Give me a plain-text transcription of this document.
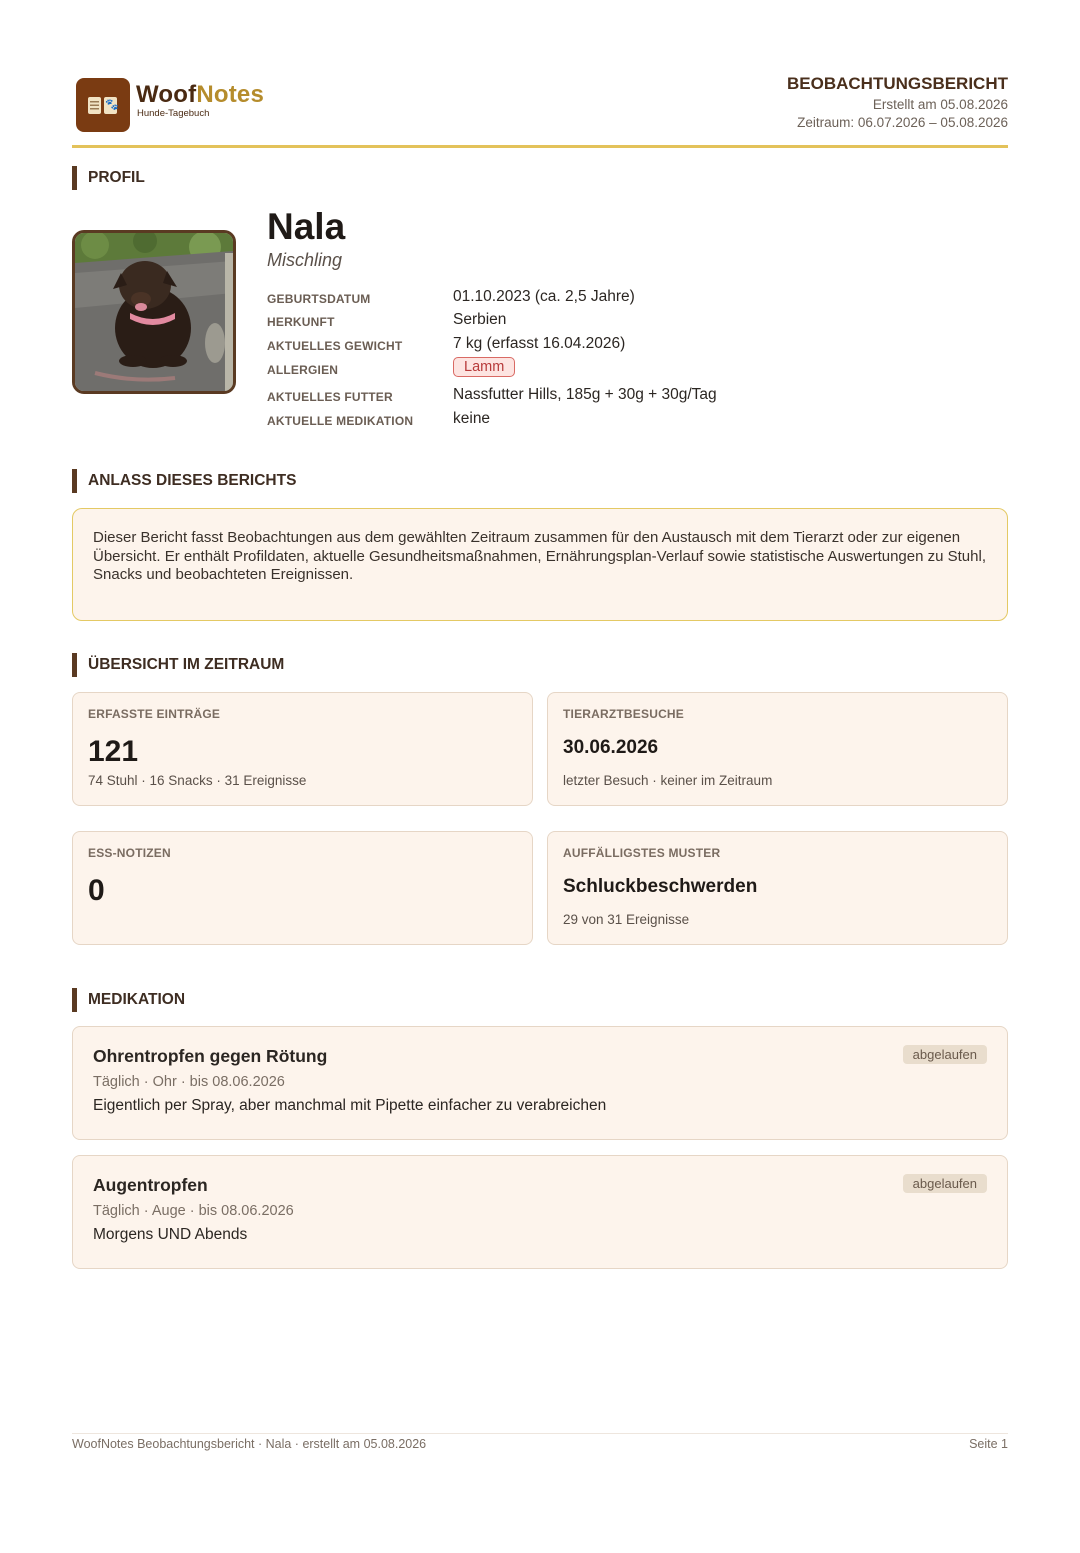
🐾 WoofNotes
Hunde-Tagebuch
BEOBACHTUNGSBERICHT
Erstellt am 05.08.2026
Zeitraum: 06.07.2026 – 05.08.2026
PROFIL
Nala
Mischling
GEBURTSDATUM	01.10.2023 (ca. 2,5 Jahre)
HERKUNFT	Serbien
AKTUELLES GEWICHT	7 kg (erfasst 16.04.2026)
ALLERGIEN	Lamm
AKTUELLES FUTTER	Nassfutter Hills, 185g + 30g + 30g/Tag
AKTUELLE MEDIKATION	keine
ANLASS DIESES BERICHTS
Dieser Bericht fasst Beobachtungen aus dem gewählten Zeitraum zusammen für den Austausch mit dem Tierarzt oder zur eigenen Übersicht. Er enthält Profildaten, aktuelle Gesundheitsmaßnahmen, Ernährungsplan-Verlauf sowie statistische Auswertungen zu Stuhl, Snacks und beobachteten Ereignissen.
ÜBERSICHT IM ZEITRAUM
ERFASSTE EINTRÄGE
121
74 Stuhl · 16 Snacks · 31 Ereignisse
TIERARZTBESUCHE
30.06.2026
letzter Besuch · keiner im Zeitraum
ESS-NOTIZEN
0
AUFFÄLLIGSTES MUSTER
Schluckbeschwerden
29 von 31 Ereignisse
MEDIKATION
Ohrentropfen gegen Rötung
Täglich · Ohr · bis 08.06.2026
Eigentlich per Spray, aber manchmal mit Pipette einfacher zu verabreichen
abgelaufen
Augentropfen
Täglich · Auge · bis 08.06.2026
Morgens UND Abends
abgelaufen
WoofNotes Beobachtungsbericht · Nala · erstellt am 05.08.2026	Seite 1
